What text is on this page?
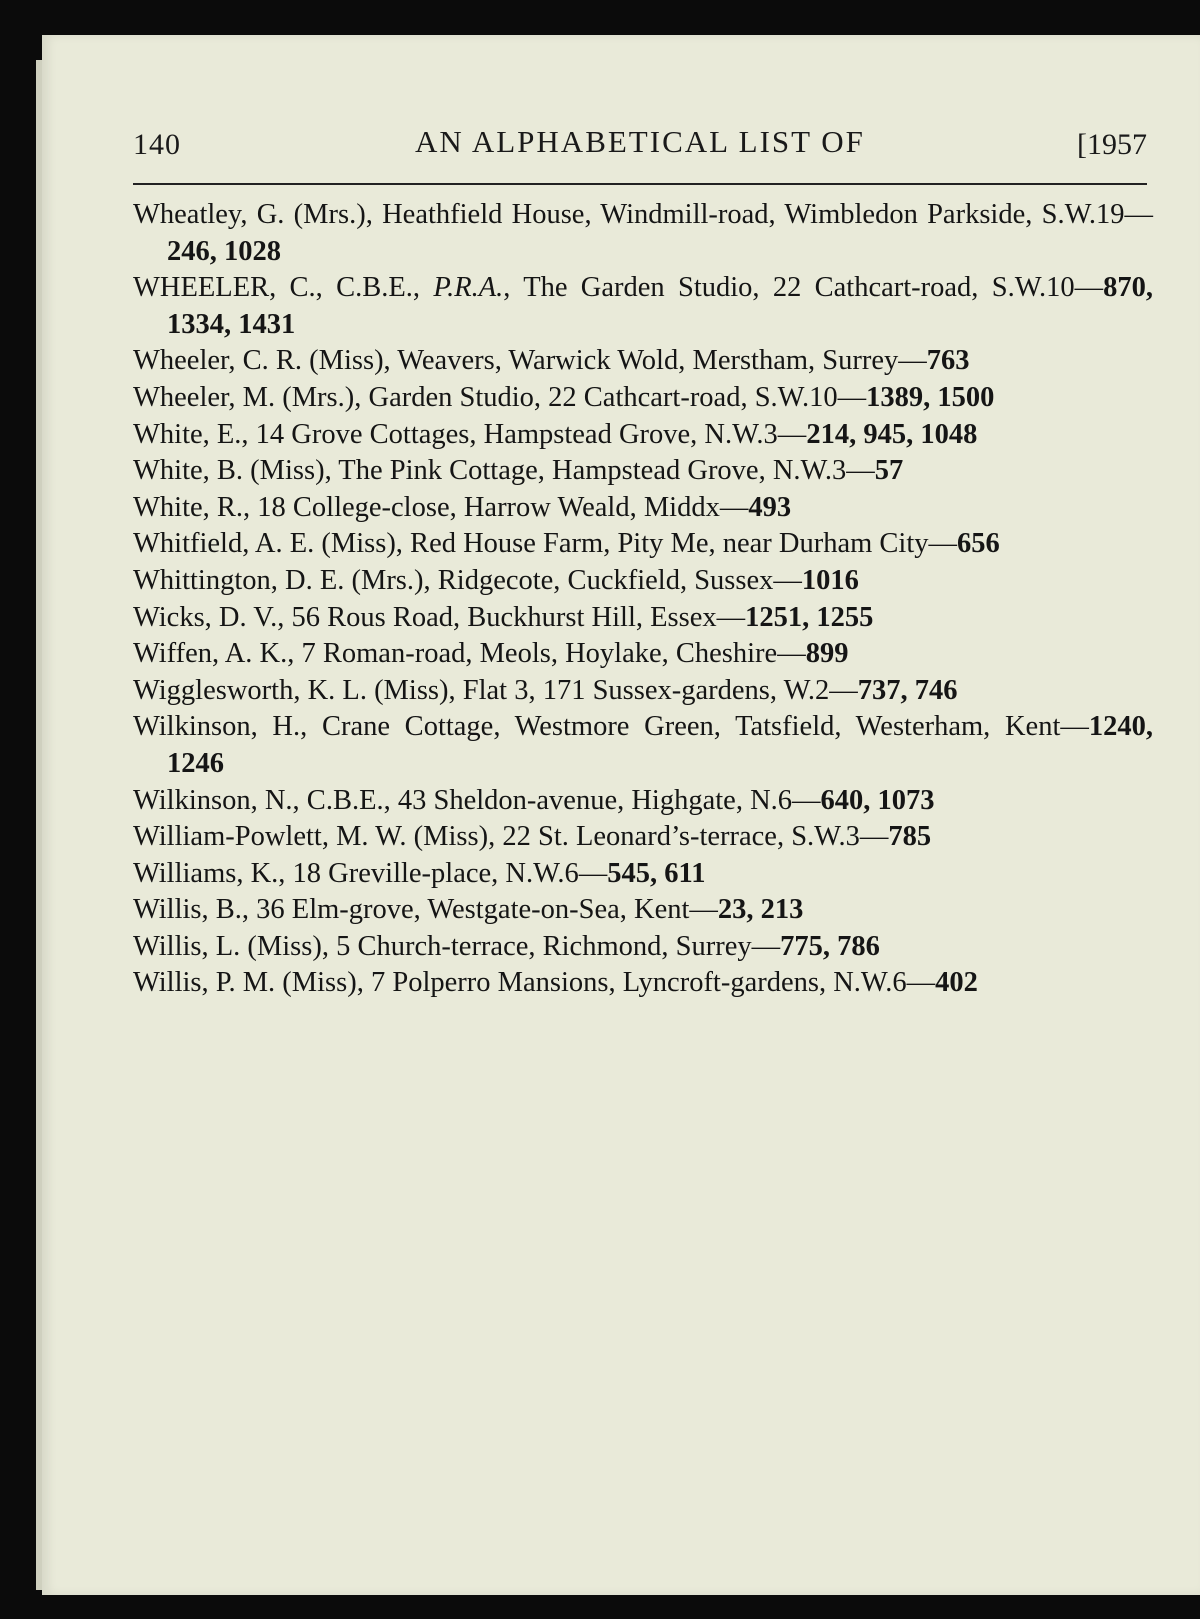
140	AN ALPHABETICAL LIST OF	[1957

Wheatley, G. (Mrs.), Heathfield House, Windmill-road, Wimbledon Parkside, S.W.19—246, 1028

WHEELER, C., C.B.E., P.R.A., The Garden Studio, 22 Cathcart-road, S.W.10—870, 1334, 1431

Wheeler, C. R. (Miss), Weavers, Warwick Wold, Merstham, Surrey—763

Wheeler, M. (Mrs.), Garden Studio, 22 Cathcart-road, S.W.10—1389, 1500

White, E., 14 Grove Cottages, Hampstead Grove, N.W.3—214, 945, 1048

White, B. (Miss), The Pink Cottage, Hampstead Grove, N.W.3—57

White, R., 18 College-close, Harrow Weald, Middx—493

Whitfield, A. E. (Miss), Red House Farm, Pity Me, near Durham City—656

Whittington, D. E. (Mrs.), Ridgecote, Cuckfield, Sussex—1016

Wicks, D. V., 56 Rous Road, Buckhurst Hill, Essex—1251, 1255

Wiffen, A. K., 7 Roman-road, Meols, Hoylake, Cheshire—899

Wigglesworth, K. L. (Miss), Flat 3, 171 Sussex-gardens, W.2—737, 746

Wilkinson, H., Crane Cottage, Westmore Green, Tatsfield, Westerham, Kent—1240, 1246

Wilkinson, N., C.B.E., 43 Sheldon-avenue, Highgate, N.6—640, 1073

William-Powlett, M. W. (Miss), 22 St. Leonard’s-terrace, S.W.3—785

Williams, K., 18 Greville-place, N.W.6—545, 611

Willis, B., 36 Elm-grove, Westgate-on-Sea, Kent—23, 213

Willis, L. (Miss), 5 Church-terrace, Richmond, Surrey—775, 786

Willis, P. M. (Miss), 7 Polperro Mansions, Lyncroft-gardens, N.W.6—402
